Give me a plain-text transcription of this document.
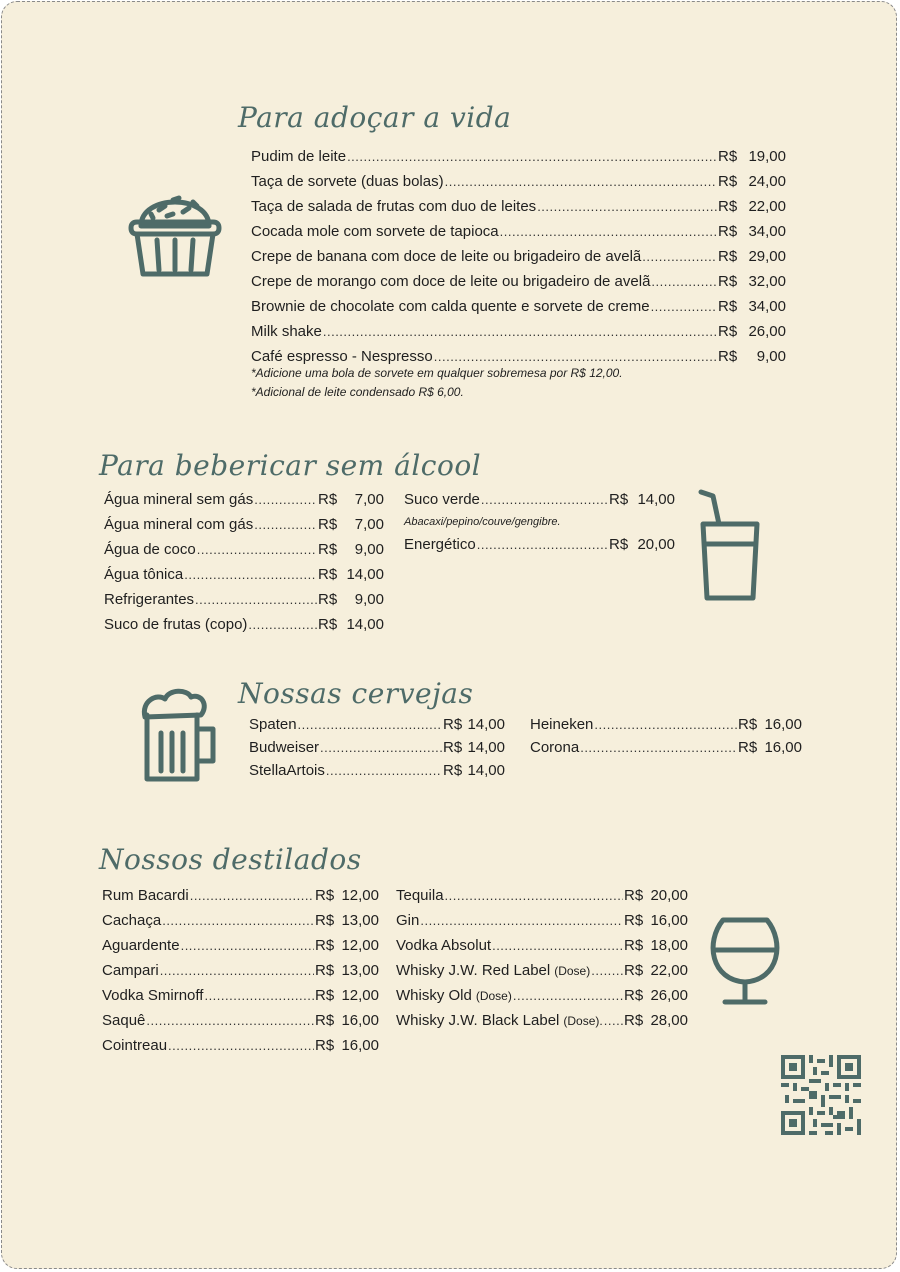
Para adoçar a vida
Pudim de leite .....	R$ 19,00
Taça de sorvete (duas bolas) .....	R$ 24,00
Taça de salada de frutas com duo de leites .....	R$ 22,00
Cocada mole com sorvete de tapioca .....	R$ 34,00
Crepe de banana com doce de leite ou brigadeiro de avelã .....	R$ 29,00
Crepe de morango com doce de leite ou brigadeiro de avelã .....	R$ 32,00
Brownie de chocolate com calda quente e sorvete de creme .....	R$ 34,00
Milk shake .....	R$ 26,00
Café espresso - Nespresso .....	R$	9,00
*Adicione uma bola de sorvete em qualquer sobremesa por R$ 12,00.
*Adicional de leite condensado R$ 6,00.
Para bebericar sem álcool
Água mineral sem gás .....	R$	7,00
Água mineral com gás .....	R$	7,00
Água de coco .....	R$	9,00
Água tônica .....	R$ 14,00
Refrigerantes .....	R$	9,00
Suco de frutas (copo) .....	R$ 14,00
Suco verde .....	R$ 14,00
Abacaxi/pepino/couve/gengibre.
Energético .....	R$ 20,00
Nossas cervejas
Spaten .....	R$ 14,00
Budweiser .....	R$ 14,00
StellaArtois .....	R$ 14,00
Heineken .....	R$ 16,00
Corona .....	R$ 16,00
Nossos destilados
Rum Bacardi .....	R$ 12,00
Cachaça .....	R$ 13,00
Aguardente .....	R$ 12,00
Campari .....	R$ 13,00
Vodka Smirnoff .....	R$ 12,00
Saquê .....	R$ 16,00
Cointreau .....	R$ 16,00
Tequila .....	R$ 20,00
Gin .....	R$ 16,00
Vodka Absolut .....	R$ 18,00
Whisky J.W. Red Label (Dose) ..... R$ 22,00
Whisky Old (Dose) .....	R$ 26,00
Whisky J.W. Black Label (Dose). ..... R$ 28,00
